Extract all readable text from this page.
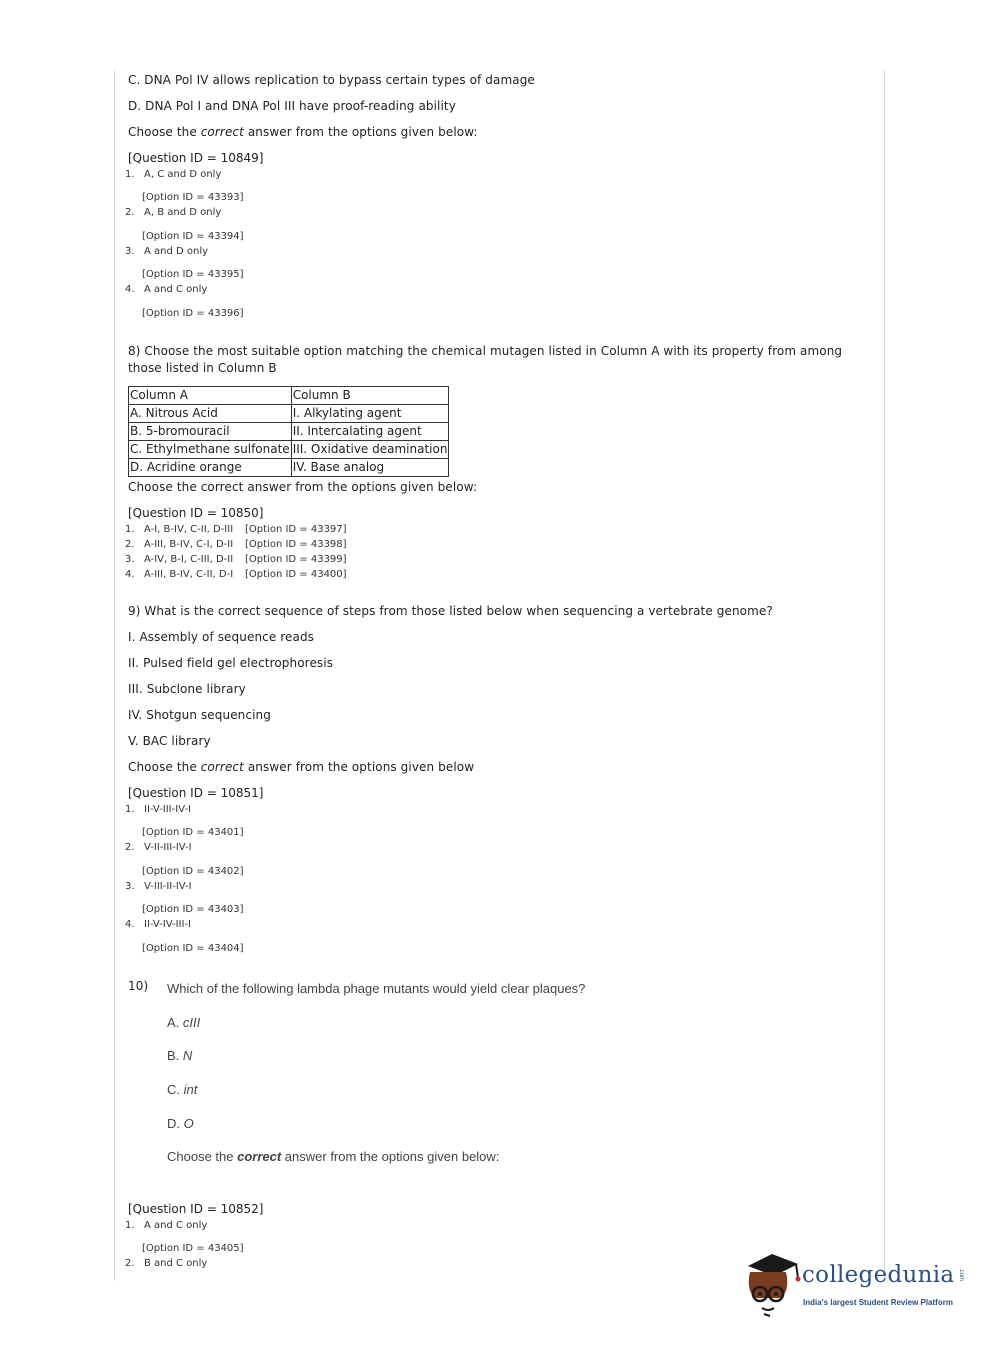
C. DNA Pol IV allows replication to bypass certain types of damage
D. DNA Pol I and DNA Pol III have proof-reading ability
Choose the correct answer from the options given below:
[Question ID = 10849]
1. A, C and D only
[Option ID = 43393]
2. A, B and D only
[Option ID = 43394]
3. A and D only
[Option ID = 43395]
4. A and C only
[Option ID = 43396]
8) Choose the most suitable option matching the chemical mutagen listed in Column A with its property from among those listed in Column B
Column A	Column B
A. Nitrous Acid	I. Alkylating agent
B. 5-bromouracil	II. Intercalating agent
C. Ethylmethane sulfonate	III. Oxidative deamination
D. Acridine orange	IV. Base analog
Choose the correct answer from the options given below:
[Question ID = 10850]
1. A-I, B-IV, C-II, D-III [Option ID = 43397]
2. A-III, B-IV, C-I, D-II [Option ID = 43398]
3. A-IV, B-I, C-III, D-II [Option ID = 43399]
4. A-III, B-IV, C-II, D-I [Option ID = 43400]
9) What is the correct sequence of steps from those listed below when sequencing a vertebrate genome?
I. Assembly of sequence reads
II. Pulsed field gel electrophoresis
III. Subclone library
IV. Shotgun sequencing
V. BAC library
Choose the correct answer from the options given below
[Question ID = 10851]
1. II-V-III-IV-I
[Option ID = 43401]
2. V-II-III-IV-I
[Option ID = 43402]
3. V-III-II-IV-I
[Option ID = 43403]
4. II-V-IV-III-I
[Option ID = 43404]
10) Which of the following lambda phage mutants would yield clear plaques?
A. cIII
B. N
C. int
D. O
Choose the correct answer from the options given below:
[Question ID = 10852]
1. A and C only
[Option ID = 43405]
2. B and C only	collegedunia .com
India's largest Student Review Platform
